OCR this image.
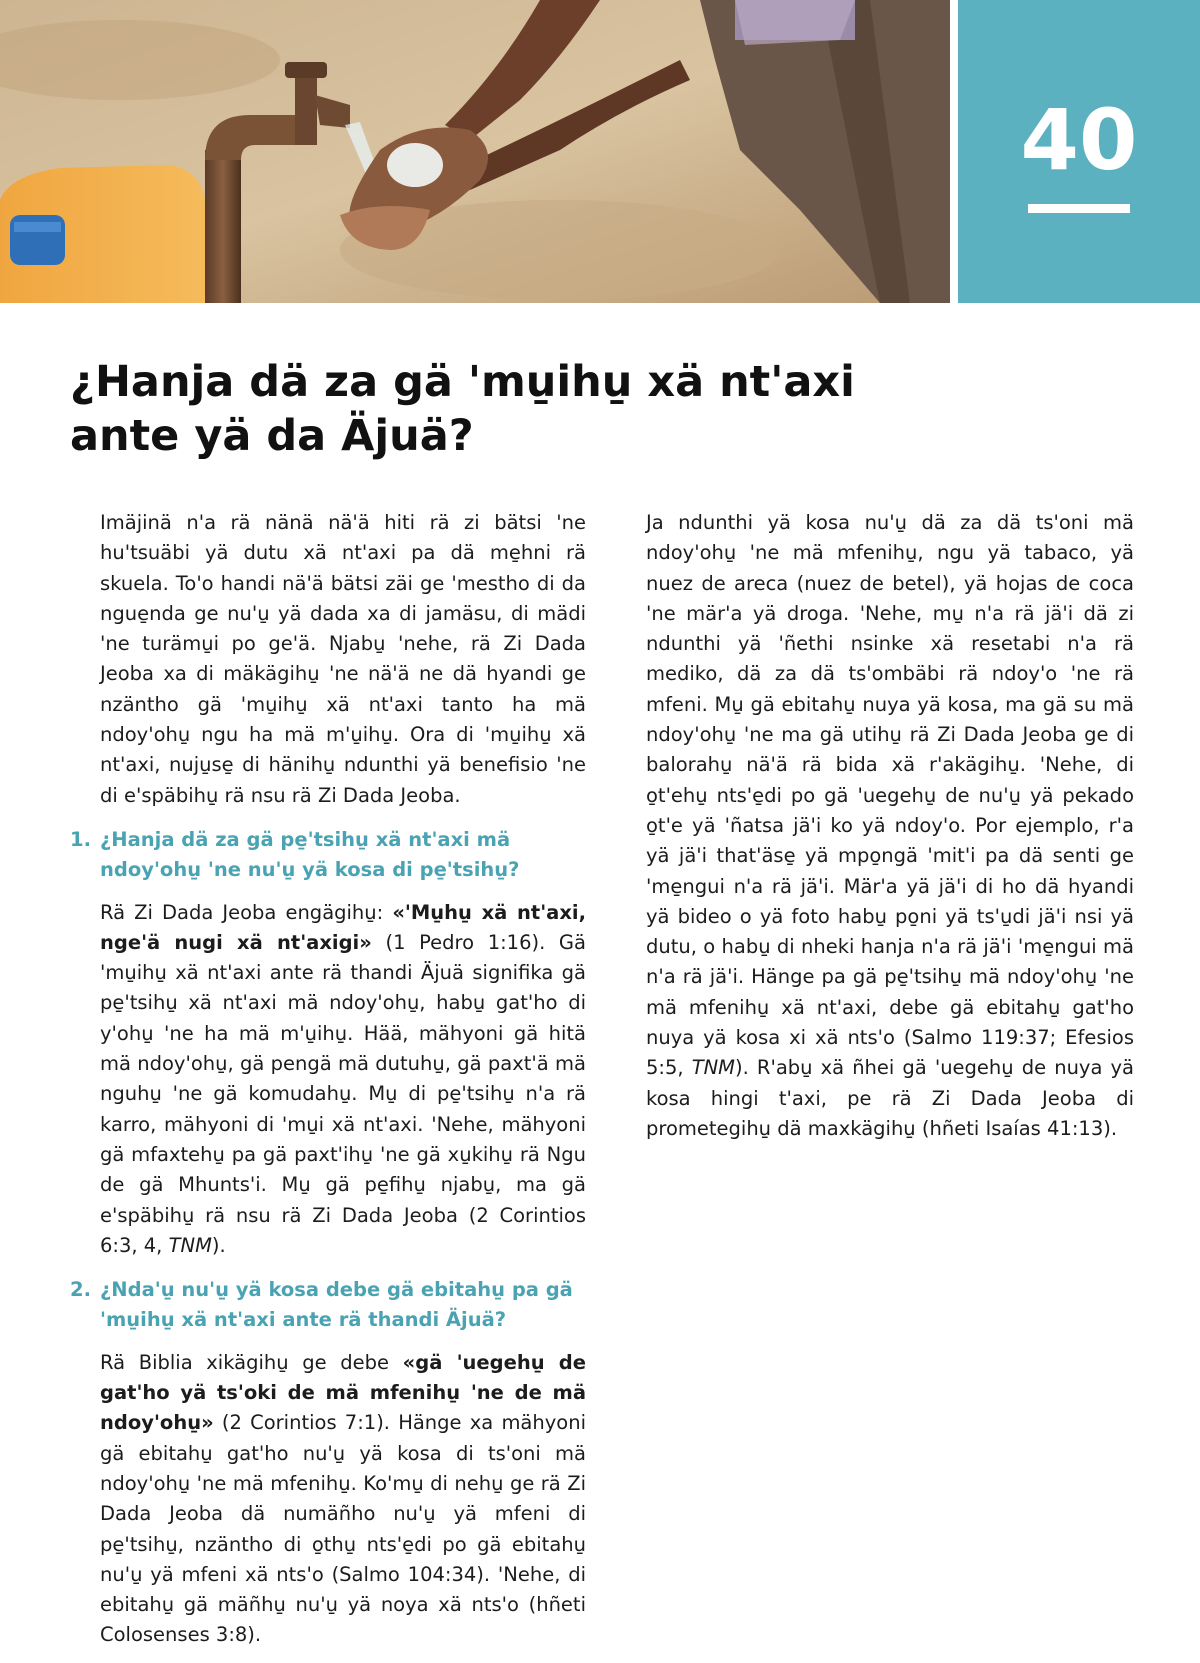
40
¿Hanja dä za gä 'mu̱ihu̱ xä nt'axi ante yä da Äjuä?

Imäjinä n'a rä nänä nä'ä hiti rä zi bätsi 'ne hu'tsuäbi yä dutu xä nt'axi pa dä me̱hni rä skuela. To'o handi nä'ä bätsi zäi ge 'mestho di da ngue̱nda ge nu'u̱ yä dada xa di jamäsu, di mädi 'ne turämu̱i po ge'ä. Njabu̱ 'nehe, rä Zi Dada Jeoba xa di mäkägihu̱ 'ne nä'ä ne dä hyandi ge nzäntho gä 'mu̱ihu̱ xä nt'axi tanto ha mä ndoy'ohu̱ ngu ha mä m'u̱ihu̱. Ora di 'mu̱ihu̱ xä nt'axi, nuju̱se̱ di hänihu̱ ndunthi yä benefisio 'ne di e'späbihu̱ rä nsu rä Zi Dada Jeoba.

1. ¿Hanja dä za gä pe̱'tsihu̱ xä nt'axi mä ndoy'ohu̱ 'ne nu'u̱ yä kosa di pe̱'tsihu̱?

Rä Zi Dada Jeoba engägihu̱: «'Mu̱hu̱ xä nt'axi, nge'ä nugi xä nt'axigi» (1 Pedro 1:16). Gä 'mu̱ihu̱ xä nt'axi ante rä thandi Äjuä signifika gä pe̱'tsihu̱ xä nt'axi mä ndoy'ohu̱, habu̱ gat'ho di y'ohu̱ 'ne ha mä m'u̱ihu̱. Hää, mähyoni gä hitä mä ndoy'ohu̱, gä pengä mä dutuhu̱, gä paxt'ä mä nguhu̱ 'ne gä komudahu̱. Mu̱ di pe̱'tsihu̱ n'a rä karro, mähyoni di 'mu̱i xä nt'axi. 'Nehe, mähyoni gä mfaxtehu̱ pa gä paxt'ihu̱ 'ne gä xu̱kihu̱ rä Ngu de gä Mhunts'i. Mu̱ gä pe̱fihu̱ njabu̱, ma gä e'späbihu̱ rä nsu rä Zi Dada Jeoba (2 Corintios 6:3, 4, TNM).

2. ¿Nda'u̱ nu'u̱ yä kosa debe gä ebitahu̱ pa gä 'mu̱ihu̱ xä nt'axi ante rä thandi Äjuä?

Rä Biblia xikägihu̱ ge debe «gä 'uegehu̱ de gat'ho yä ts'oki de mä mfenihu̱ 'ne de mä ndoy'ohu̱» (2 Corintios 7:1). Hänge xa mähyoni gä ebitahu̱ gat'ho nu'u̱ yä kosa di ts'oni mä ndoy'ohu̱ 'ne mä mfenihu̱. Ko'mu̱ di nehu̱ ge rä Zi Dada Jeoba dä numäñho nu'u̱ yä mfeni di pe̱'tsihu̱, nzäntho di o̱thu̱ nts'e̱di po gä ebitahu̱ nu'u̱ yä mfeni xä nts'o (Salmo 104:34). 'Nehe, di ebitahu̱ gä mäñhu̱ nu'u̱ yä noya xä nts'o (hñeti Colosenses 3:8).

Ja ndunthi yä kosa nu'u̱ dä za dä ts'oni mä ndoy'ohu̱ 'ne mä mfenihu̱, ngu yä tabaco, yä nuez de areca (nuez de betel), yä hojas de coca 'ne mär'a yä droga. 'Nehe, mu̱ n'a rä jä'i dä zi ndunthi yä 'ñethi nsinke xä resetabi n'a rä mediko, dä za dä ts'ombäbi rä ndoy'o 'ne rä mfeni. Mu̱ gä ebitahu̱ nuya yä kosa, ma gä su mä ndoy'ohu̱ 'ne ma gä utihu̱ rä Zi Dada Jeoba ge di balorahu̱ nä'ä rä bida xä r'akägihu̱. 'Nehe, di o̱t'ehu̱ nts'e̱di po gä 'uegehu̱ de nu'u̱ yä pekado o̱t'e yä 'ñatsa jä'i ko yä ndoy'o. Por ejemplo, r'a yä jä'i that'äse̱ yä mpo̱ngä 'mit'i pa dä senti ge 'me̱ngui n'a rä jä'i. Mär'a yä jä'i di ho dä hyandi yä bideo o yä foto habu̱ po̱ni yä ts'u̱di jä'i nsi yä dutu, o habu̱ di nheki hanja n'a rä jä'i 'me̱ngui mä n'a rä jä'i. Hänge pa gä pe̱'tsihu̱ mä ndoy'ohu̱ 'ne mä mfenihu̱ xä nt'axi, debe gä ebitahu̱ gat'ho nuya yä kosa xi xä nts'o (Salmo 119:37; Efesios 5:5, TNM). R'abu̱ xä ñhei gä 'uegehu̱ de nuya yä kosa hingi t'axi, pe rä Zi Dada Jeoba di prometegihu̱ dä maxkägihu̱ (hñeti Isaías 41:13).
